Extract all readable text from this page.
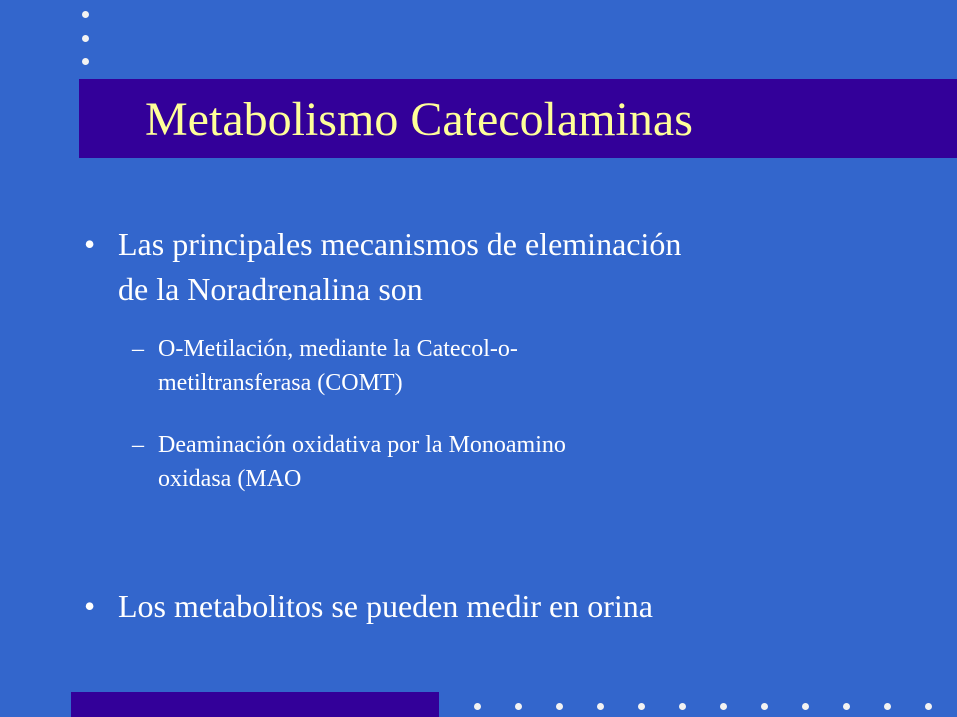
Metabolismo Catecolaminas
• Las principales mecanismos de eleminación
de la Noradrenalina son
– O-Metilación, mediante la Catecol-o-
metiltransferasa (COMT)
– Deaminación oxidativa por la Monoamino
oxidasa (MAO
• Los metabolitos se pueden medir en orina
